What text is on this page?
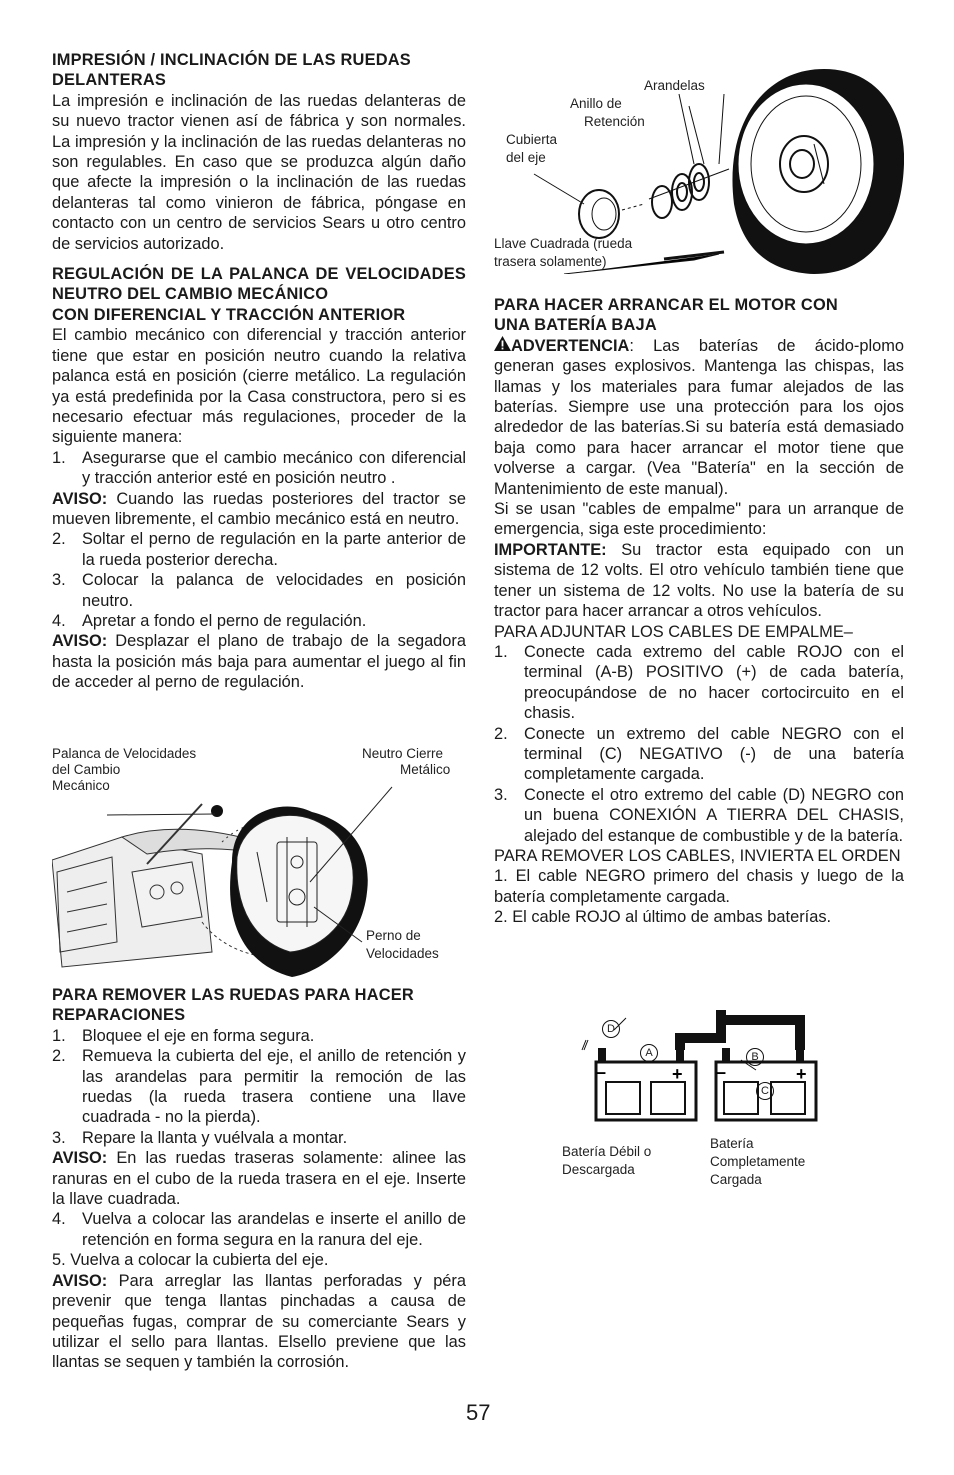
IMPRESIÓN / INCLINACIÓN DE LAS RUEDAS

DELANTERAS

La impresión e inclinación de las ruedas delanteras de su nuevo tractor vienen así de fábrica y son normales. La impresión y la inclinación de las ruedas delanteras no son regulables. En caso que se produzca algún daño que afecte la impresión o la inclinación de las ruedas delanteras tal como vinieron de fábrica, póngase en contacto con un centro de servicios Sears u otro centro de servicios autorizado.

REGULACIÓN DE LA PALANCA DE VELOCIDADES NEUTRO DEL CAMBIO MECÁNICO

CON DIFERENCIAL Y TRACCIÓN ANTERIOR

El cambio mecánico con diferencial y tracción anterior tiene que estar en posición neutro cuando la relativa palanca está en posición (cierre metálico. La regulación ya está predefinida por la Casa constructora, pero si es necesario efectuar más regulaciones, proceder de la siguiente manera:

1. Asegurarse que el cambio mecánico con diferencial y tracción anterior esté en posición neutro .

AVISO: Cuando las ruedas posteriores del tractor se mueven libremente, el cambio mecánico está en neutro.

2. Soltar el perno de regulación en la parte anterior de la rueda posterior derecha.
3. Colocar la palanca de velocidades en posición neutro.
4. Apretar a fondo el perno de regulación.

AVISO: Desplazar el plano de trabajo de la segadora hasta la posición más baja para aumentar el juego al fin de acceder al perno de regulación.

Palanca de Velocidades
del Cambio
Mecánico
Neutro Cierre
Metálico
Perno de
Velocidades

PARA REMOVER LAS RUEDAS PARA HACER

REPARACIONES

1. Bloquee el eje en forma segura.
2. Remueva la cubierta del eje, el anillo de retención y las arandelas para permitir la remoción de las ruedas (la rueda trasera contiene una llave cuadrada - no la pierda).
3. Repare la llanta y vuélvala a montar.

AVISO: En las ruedas traseras solamente: alinee las ranuras en el cubo de la rueda trasera en el eje. Inserte la llave cuadrada.

4. Vuelva a colocar las arandelas e inserte el anillo de retención en forma segura en la ranura del eje.

5. Vuelva a colocar la cubierta del eje.

AVISO: Para arreglar las llantas perforadas y péra prevenir que tenga llantas pinchadas a causa de pequeñas fugas, comprar de su comerciante Sears y utilizar el sello para llantas. Elsello previene que las llantas se sequen y también la corrosión.

Arandelas
Anillo de
Retención
Cubierta
del eje
Llave Cuadrada (rueda
trasera solamente)

PARA HACER ARRANCAR EL MOTOR CON

UNA BATERÍA BAJA

ADVERTENCIA: Las baterías de ácido-plomo generan gases explosivos. Mantenga las chispas, las llamas y los materiales para fumar alejados de las baterías. Siempre use una protección para los ojos alrededor de las baterías.Si su batería está demasiado baja como para hacer arrancar el motor tiene que volverse a cargar. (Vea "Batería" en la sección de Mantenimiento de este manual).

Si se usan "cables de empalme" para un arranque de emergencia, siga este procedimiento:

IMPORTANTE: Su tractor esta equipado con un sistema de 12 volts. El otro vehículo también tiene que tener un sistema de 12 volts. No use la batería de su tractor para hacer arrancar a otros vehículos.

PARA ADJUNTAR LOS CABLES DE EMPALME–

1. Conecte cada extremo del cable ROJO con el terminal (A-B) POSITIVO (+) de cada batería, preocupándose de no hacer cortocircuito en el chasis.
2. Conecte un extremo del cable NEGRO con el terminal (C) NEGATIVO (-) de una batería completamente cargada.
3. Conecte el otro extremo del cable (D) NEGRO con un buena CONEXIÓN A TIERRA DEL CHASIS, alejado del estanque de combustible y de la batería.

PARA REMOVER LOS CABLES, INVIERTA EL ORDEN

1. El cable NEGRO primero del chasis y luego de la batería completamente cargada.

2. El cable ROJO al último de ambas baterías.

–	+ –	+
D
A	B
C
Batería Débil o
Descargada
Batería
Completamente
Cargada
57
